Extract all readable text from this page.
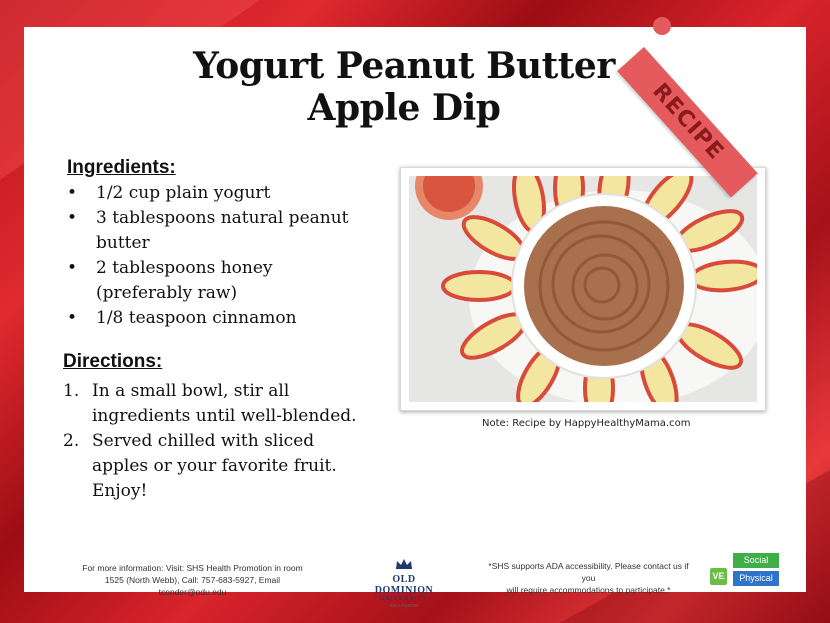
Yogurt Peanut Butter
Apple Dip
Ingredients:
• 1/2 cup plain yogurt
• 3 tablespoons natural peanut
butter
• 2 tablespoons honey
(preferably raw)
• 1/8 teaspoon cinnamon
Directions:
1. In a small bowl, stir all
ingredients until well-blended.
2. Served chilled with sliced
apples or your favorite fruit.
Enjoy!
Note: Recipe by HappyHealthyMama.com
For more information: Visit: SHS Health Promotion in room
1525 (North Webb), Call: 757-683-5927, Email tconder@odu.edu
OLD DOMINION
UNIVERSITY
IDEA FUSION
*SHS supports ADA accessibility. Please contact us if you
will require accommodations to participate.*
VE
Social
Physical
RECIPE
